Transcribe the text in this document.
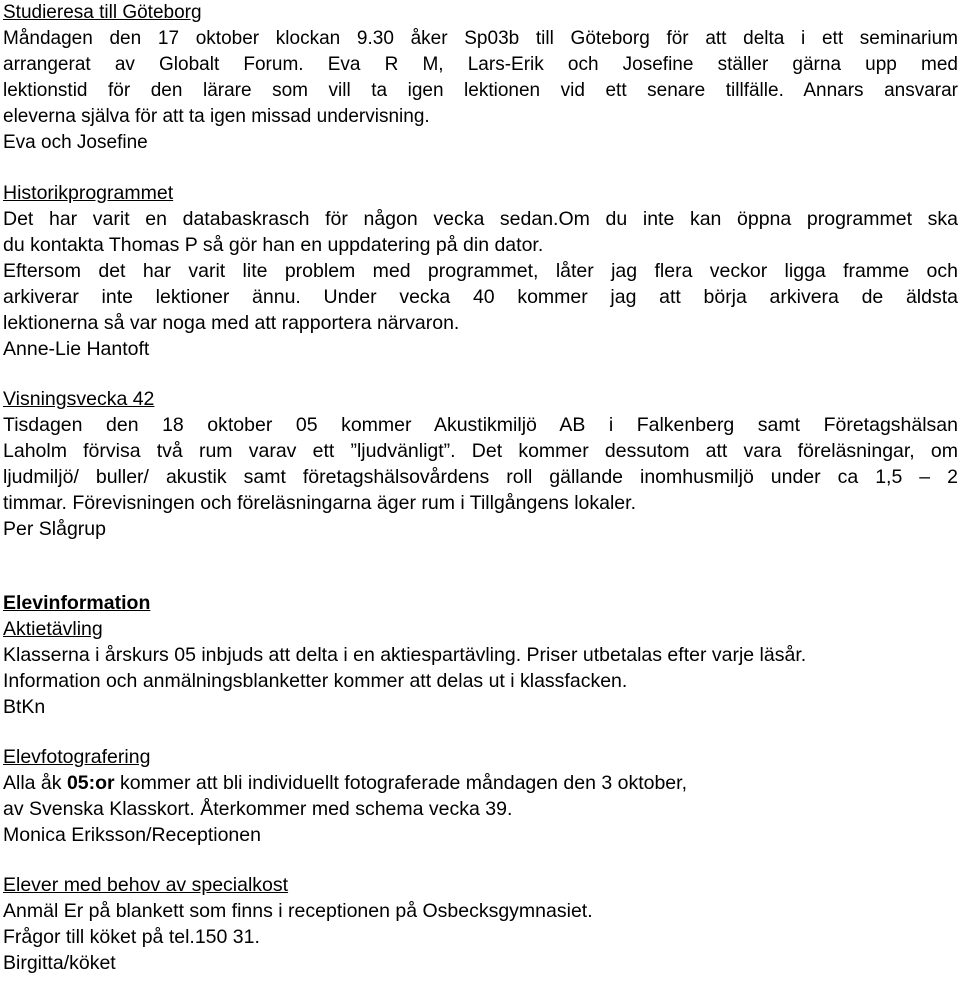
Studieresa till Göteborg
Måndagen den 17 oktober klockan 9.30 åker Sp03b till Göteborg för att delta i ett seminarium
arrangerat av Globalt Forum. Eva R M, Lars-Erik och Josefine ställer gärna upp med
lektionstid för den lärare som vill ta igen lektionen vid ett senare tillfälle. Annars ansvarar
eleverna själva för att ta igen missad undervisning.
Eva och Josefine
Historikprogrammet
Det har varit en databaskrasch för någon vecka sedan.Om du inte kan öppna programmet ska
du kontakta Thomas P så gör han en uppdatering på din dator.
Eftersom det har varit lite problem med programmet, låter jag flera veckor ligga framme och
arkiverar inte lektioner ännu. Under vecka 40 kommer jag att börja arkivera de äldsta
lektionerna så var noga med att rapportera närvaron.
Anne-Lie Hantoft
Visningsvecka 42
Tisdagen den 18 oktober 05 kommer Akustikmiljö AB i Falkenberg samt Företagshälsan
Laholm förvisa två rum varav ett ”ljudvänligt”. Det kommer dessutom att vara föreläsningar, om
ljudmiljö/ buller/ akustik samt företagshälsovårdens roll gällande inomhusmiljö under ca 1,5 – 2
timmar. Förevisningen och föreläsningarna äger rum i Tillgångens lokaler.
Per Slågrup
Elevinformation
Aktietävling
Klasserna i årskurs 05 inbjuds att delta i en aktiespartävling. Priser utbetalas efter varje läsår.
Information och anmälningsblanketter kommer att delas ut i klassfacken.
BtKn
Elevfotografering
Alla åk 05:or kommer att bli individuellt fotograferade måndagen den 3 oktober,
av Svenska Klasskort. Återkommer med schema vecka 39.
Monica Eriksson/Receptionen
Elever med behov av specialkost
Anmäl Er på blankett som finns i receptionen på Osbecksgymnasiet.
Frågor till köket på tel.150 31.
Birgitta/köket
